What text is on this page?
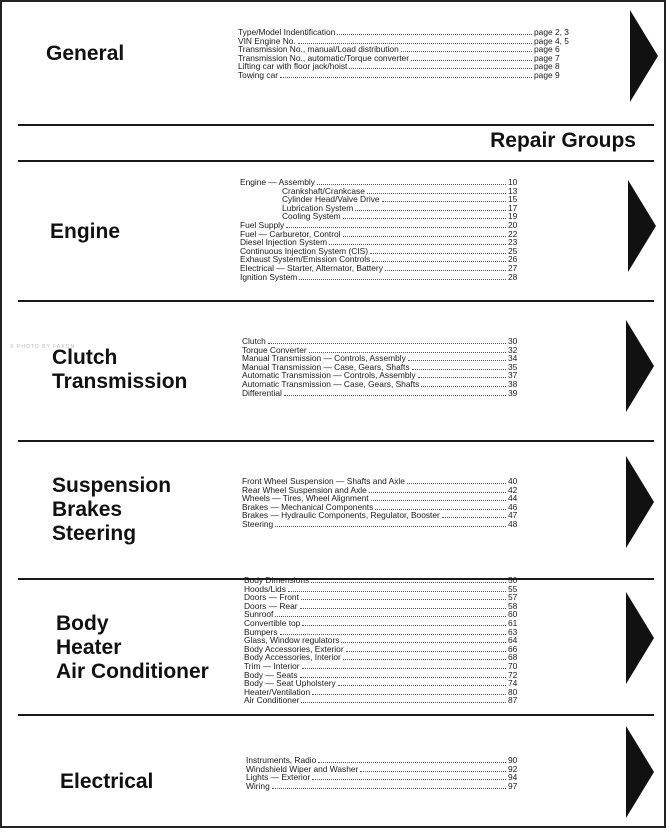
© PHOTO BY FAXON
Repair Groups
General
Type/Model Indentification	page 2, 3
VIN Engine No.	page 4, 5
Transmission No., manual/Load distribution	page 6
Transmission No., automatic/Torque converter	page 7
Lifting car with floor jack/hoist	page 8
Towing car	page 9
Engine
Engine — Assembly	10
Crankshaft/Crankcase	13
Cylinder Head/Valve Drive	15
Lubrication System	17
Cooling System	19
Fuel Supply	20
Fuel — Carburetor, Control	22
Diesel Injection System	23
Continuous Injection System (CIS)	25
Exhaust System/Emission Controls	26
Electrical — Starter, Alternator, Battery	27
Ignition System	28
Clutch
Transmission
Clutch	30
Torque Converter	32
Manual Transmission — Controls, Assembly	34
Manual Transmission — Case, Gears, Shafts	35
Automatic Transmission — Controls, Assembly	37
Automatic Transmission — Case, Gears, Shafts	38
Differential	39
Suspension
Brakes
Steering
Front Wheel Suspension — Shafts and Axle	40
Rear Wheel Suspension and Axle	42
Wheels — Tires, Wheel Alignment	44
Brakes — Mechanical Components	46
Brakes — Hydraulic Components, Regulator, Booster	47
Steering	48
Body
Heater
Air Conditioner
Body Dimensions	50
Hoods/Lids	55
Doors — Front	57
Doors — Rear	58
Sunroof	60
Convertible top	61
Bumpers	63
Glass, Window regulators	64
Body Accessories, Exterior	66
Body Accessories, Interior	68
Trim — Interior	70
Body — Seats	72
Body — Seat Upholstery	74
Heater/Ventilation	80
Air Conditioner	87
Electrical
Instruments, Radio	90
Windshield Wiper and Washer	92
Lights — Exterior	94
Wiring	97
